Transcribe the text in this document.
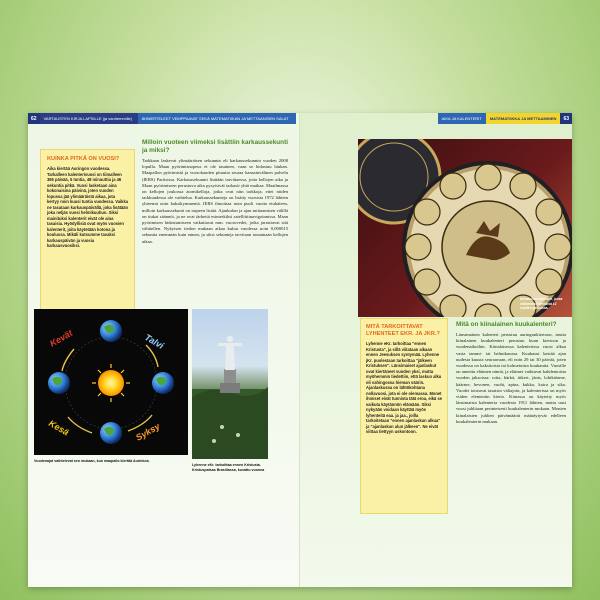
62	VARTAUSTEN KIRJA LAPSILLE (ja vanhemmille)	ÄHMERTELEET VEMPPAAVAT SEKÄ MATEMATIIKAN JA METTAANISEN SALAT
KUINKA PITKÄ ON VUOSI?

Aika kiertää Auringon vuodessa. Tarkalleen kalenterivuosi on tiimalleen 365 päivää, 5 tuntia, 48 minuuttia ja 46 sekuntia pitkä. Vuosi lasketaan aina kokonaisina päivinä, joten vuoden lopussa jää ylimääräistä aikaa, jota kertyy noin kuusi tuntia vuodessa. Vaikka ne tasataan karkauspäivällä, joka lisätään joka neljäs vuosi helmikuuhun. Siksi mainituksi kalenterit eivät ole aina tasaisia. Hyödyllisiä ovat myös vuosien kalenterit, joita käytetään kotona ja koulussa. Mikäli kutsumme tavaksi karkauspäivän ja vuosia karkausvuosiksi.

Milloin vuoteen viimeksi lisättiin karkaussekunti ja miksi?

Tarkkaan laskevat ylimääräisen sekunnin eli karkaussekunnin vuoden 2008 lopulla. Maan pyörimisnopeus ei ole tasainen, vaan se hidastuu hiukan. Maapallon pyörimistä ja vuorokauden pituutta seuraa kansainvälinen palvelu (IERS) Pariisissa. Karkaussekunnit lisätään tarvittaessa, jotta kellojen aika ja Maan pyörimiseen perustuva aika pysyisivät tarkasti yhtä matkaa. Maailmassa on kellojen joukossa atomikelloja, jotka ovat niin tarkkoja, ettei niiden tarkkuudessa ole vaihtelua. Karkaussekunteja on lisätty vuosista 1972 lähtien yhteensä noin kaksikymmentä. IERS ilmoittaa noin puoli vuotta etukäteen, milloin karkaussekunti on tarpeen lisätä. Ajankulun ja ajan mittaamisen välillä on tiukat säännöt, ja ne ovat tärkeitä esimerkiksi satelliittinavigoinnissa. Maan pyörimisen hidastumiseen vaikuttavat mm. vuorovedet, jotka jarruttavat sitä vähitellen. Nykyisen tiedon mukaan aikaa kuluu vuodessa noin 0,000015 sekuntia enemmän kuin ennen, ja siksi sekunteja tarvitaan tasaamaan kellojen aikaa.

Kevät	Talvi
Kesä	Syksy
Vuodenajat vaihtelevat sen mukaan, kun maapallo kiertää Aurinkoa.
Lyhenne eKr. tarkoittaa ennen Kristusta. Kristuspatsas Brasiliassa, kuvattu vuonna
AIKA JA KALENTERIT	MATEMATIIKKA JA METTAAMINEN	63
Kiinalainen kalenteri, jossa eläinmerkit kiertävät 12 vuoden jaksoissa.
MITÄ TARKOITTAVAT LYHENTEET EKR. JA JKR.?

Lyhenne eKr. tarkoittaa "ennen Kristusta", ja sillä viitataan aikaan ennen Jeesuksen syntymää. Lyhenne jKr. puolestaan tarkoittaa "jälkeen Kristuksen". Länsimaiset ajanlaskut ovat kiertäneet vuoden yksi, mutta myöhemmin tiedettiin, että laskun alku oli vahingossa hieman väärin. Ajanlaskussa on lähtökohtana nollavuosi, jota ei ole olemassa. Monet ihmiset eivät tunnista tätä eroa, eikä se vaikuta käytännön elämään. Siksi nykyään voidaan käyttää myös lyhenteitä eaa. ja jaa., joilla tarkoitetaan "ennen ajanlaskun alkua" ja "ajanlaskun alun jälkeen". Ne eivät viittaa tiettyyn uskontoon.

Mitä on kiinalainen kuukalenteri?

Länsimainen kalenteri perustuu auringonkiertoon, mutta kiinalainen kuukalenteri perustuu kuun kiertoon ja vuodenaikoihin. Kiinalaisessa kalenterissa vuosi alkaa vasta tammi- tai helmikuussa. Kuukausi kestää ajan uudesta kuusta seuraavaan, eli noin 29 tai 30 päivää, joten vuodessa on kaksitoista tai kolmetoista kuukautta. Vuosille on annettu eläinten nimiä, ja eläimet vaihtuvat kahdentoista vuoden jaksoissa: rotta, härkä, tiikeri, jänis, lohikäärme, käärme, hevonen, vuohi, apina, kukko, koira ja sika. Vuodet toistuvat tasaisin väliajoin, ja kalenterissa on myös viiden elementin kierto. Kiinassa on käytetty myös länsimaista kalenteria vuodesta 1911 lähtien, mutta uusi vuosi juhlitaan perinteisesti kuukalenterin mukaan. Monien kiinalaisten juhlien päivämäärät määräytyvät edelleen kuukalenterin mukaan.
